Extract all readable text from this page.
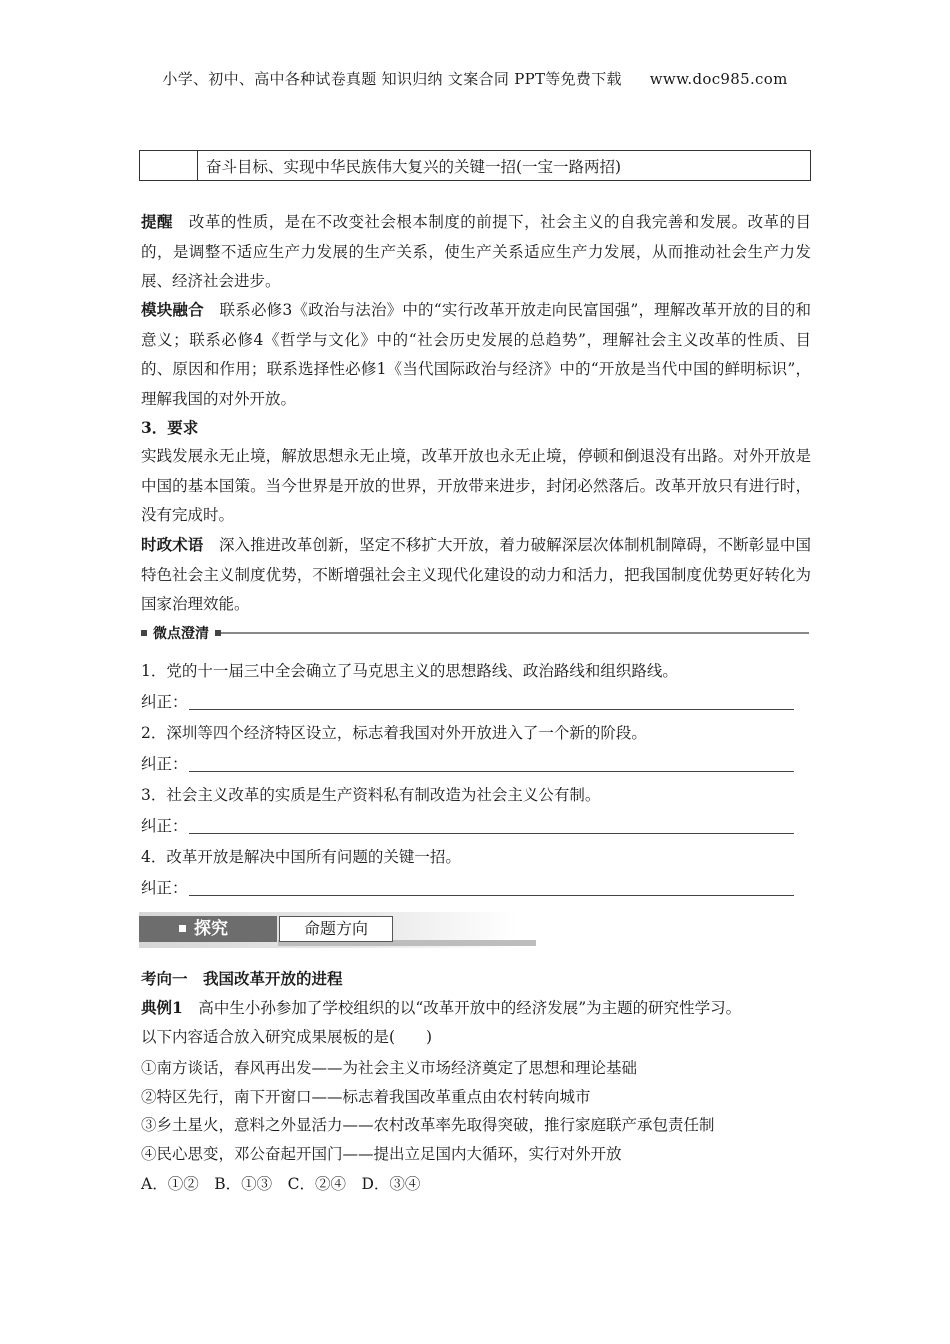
小学、初中、高中各种试卷真题 知识归纳 文案合同 PPT等免费下载 www.doc985.com
奋斗目标、实现中华民族伟大复兴的关键一招(一宝一路两招)
提醒　 改革的性质，是在不改变社会根本制度的前提下，社会主义的自我完善和发展。改革的目的，是调整不适应生产力发展的生产关系，使生产关系适应生产力发展，从而推动社会生产力发展、经济社会进步。
模块融合　 联系必修3《政治与法治》中的“实行改革开放走向民富国强”，理解改革开放的目的和意义；联系必修4《哲学与文化》中的“社会历史发展的总趋势”，理解社会主义改革的性质、目的、原因和作用；联系选择性必修1《当代国际政治与经济》中的“开放是当代中国的鲜明标识”，理解我国的对外开放。
3．要求
实践发展永无止境，解放思想永无止境，改革开放也永无止境，停顿和倒退没有出路。对外开放是中国的基本国策。当今世界是开放的世界，开放带来进步，封闭必然落后。改革开放只有进行时，没有完成时。
时政术语　 深入推进改革创新，坚定不移扩大开放，着力破解深层次体制机制障碍，不断彰显中国特色社会主义制度优势，不断增强社会主义现代化建设的动力和活力，把我国制度优势更好转化为国家治理效能。
微点澄清
1．党的十一届三中全会确立了马克思主义的思想路线、政治路线和组织路线。
纠正：
2．深圳等四个经济特区设立，标志着我国对外开放进入了一个新的阶段。
纠正：
3．社会主义改革的实质是生产资料私有制改造为社会主义公有制。
纠正：
4．改革开放是解决中国所有问题的关键一招。
纠正：
探究	命题方向
考向一　我国改革开放的进程
典例1　 高中生小孙参加了学校组织的以“改革开放中的经济发展”为主题的研究性学习。
以下内容适合放入研究成果展板的是(　　)
①南方谈话，春风再出发——为社会主义市场经济奠定了思想和理论基础
②特区先行，南下开窗口——标志着我国改革重点由农村转向城市
③乡土星火，意料之外显活力——农村改革率先取得突破，推行家庭联产承包责任制
④民心思变，邓公奋起开国门——提出立足国内大循环，实行对外开放
A．①②　B．①③　C．②④　D．③④
